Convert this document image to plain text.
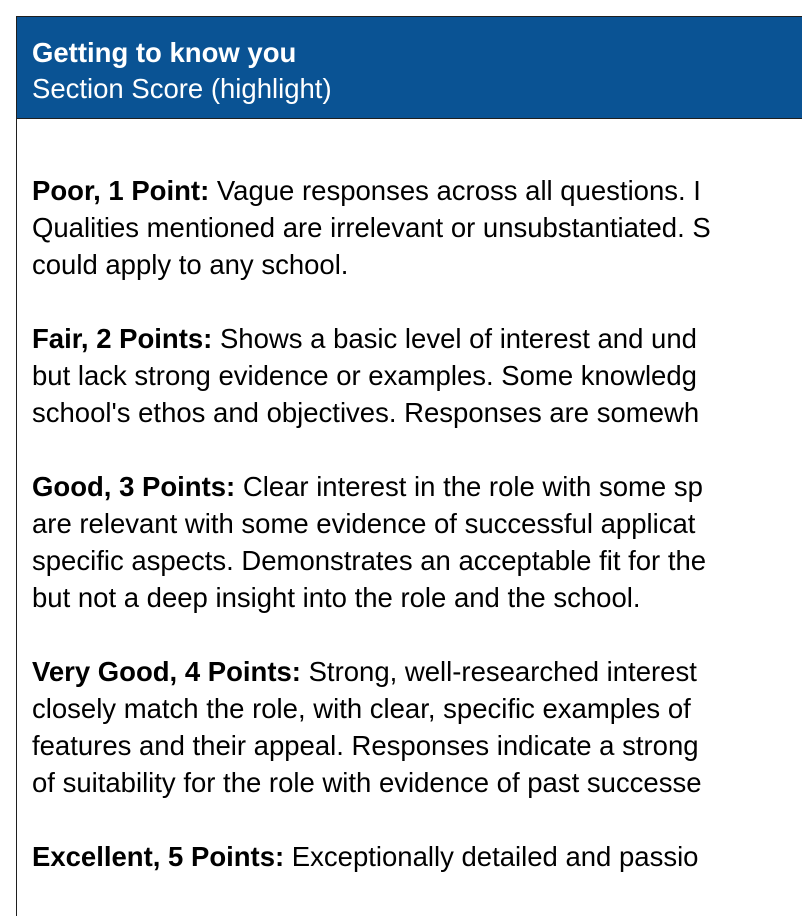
Getting to know you
Section Score (highlight)
Poor, 1 Point: Vague responses across all questions. I
Qualities mentioned are irrelevant or unsubstantiated. S
could apply to any school.
Fair, 2 Points: Shows a basic level of interest and und
but lack strong evidence or examples. Some knowledg
school's ethos and objectives. Responses are somewh
Good, 3 Points: Clear interest in the role with some sp
are relevant with some evidence of successful applicat
specific aspects. Demonstrates an acceptable fit for the
but not a deep insight into the role and the school.
Very Good, 4 Points: Strong, well-researched interest
closely match the role, with clear, specific examples of
features and their appeal. Responses indicate a strong
of suitability for the role with evidence of past successe
Excellent, 5 Points: Exceptionally detailed and passio
